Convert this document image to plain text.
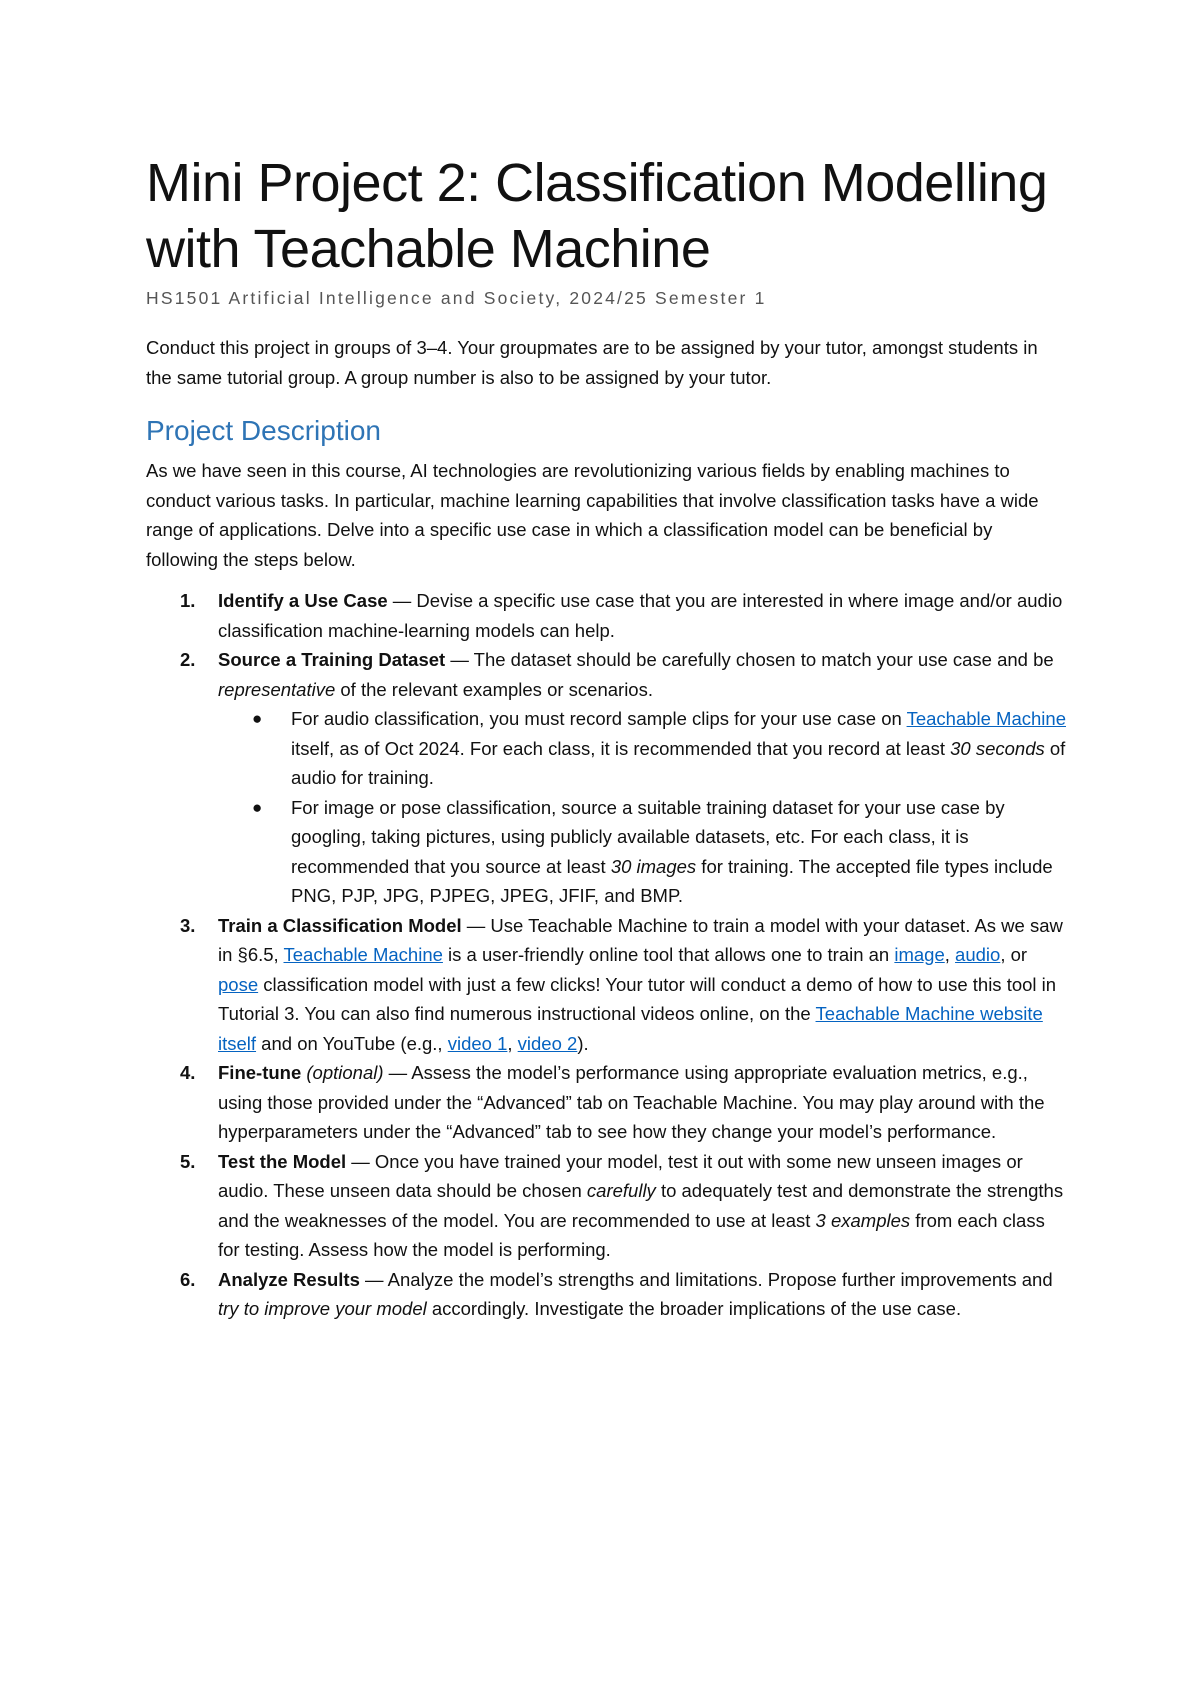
Mini Project 2: Classification Modelling with Teachable Machine
HS1501 Artificial Intelligence and Society, 2024/25 Semester 1

Conduct this project in groups of 3–4. Your groupmates are to be assigned by your tutor, amongst students in the same tutorial group. A group number is also to be assigned by your tutor.

Project Description

As we have seen in this course, AI technologies are revolutionizing various fields by enabling machines to conduct various tasks. In particular, machine learning capabilities that involve classification tasks have a wide range of applications. Delve into a specific use case in which a classification model can be beneficial by following the steps below.

1. Identify a Use Case — Devise a specific use case that you are interested in where image and/or audio classification machine-learning models can help.
2. Source a Training Dataset — The dataset should be carefully chosen to match your use case and be representative of the relevant examples or scenarios.
● For audio classification, you must record sample clips for your use case on Teachable Machine itself, as of Oct 2024. For each class, it is recommended that you record at least 30 seconds of audio for training.
● For image or pose classification, source a suitable training dataset for your use case by googling, taking pictures, using publicly available datasets, etc. For each class, it is recommended that you source at least 30 images for training. The accepted file types include PNG, PJP, JPG, PJPEG, JPEG, JFIF, and BMP.
3. Train a Classification Model — Use Teachable Machine to train a model with your dataset. As we saw in §6.5, Teachable Machine is a user-friendly online tool that allows one to train an image, audio, or pose classification model with just a few clicks! Your tutor will conduct a demo of how to use this tool in Tutorial 3. You can also find numerous instructional videos online, on the Teachable Machine website itself and on YouTube (e.g., video 1, video 2).
4. Fine-tune (optional) — Assess the model’s performance using appropriate evaluation metrics, e.g., using those provided under the “Advanced” tab on Teachable Machine. You may play around with the hyperparameters under the “Advanced” tab to see how they change your model’s performance.
5. Test the Model — Once you have trained your model, test it out with some new unseen images or audio. These unseen data should be chosen carefully to adequately test and demonstrate the strengths and the weaknesses of the model. You are recommended to use at least 3 examples from each class for testing. Assess how the model is performing.
6. Analyze Results — Analyze the model’s strengths and limitations. Propose further improvements and try to improve your model accordingly. Investigate the broader implications of the use case.
